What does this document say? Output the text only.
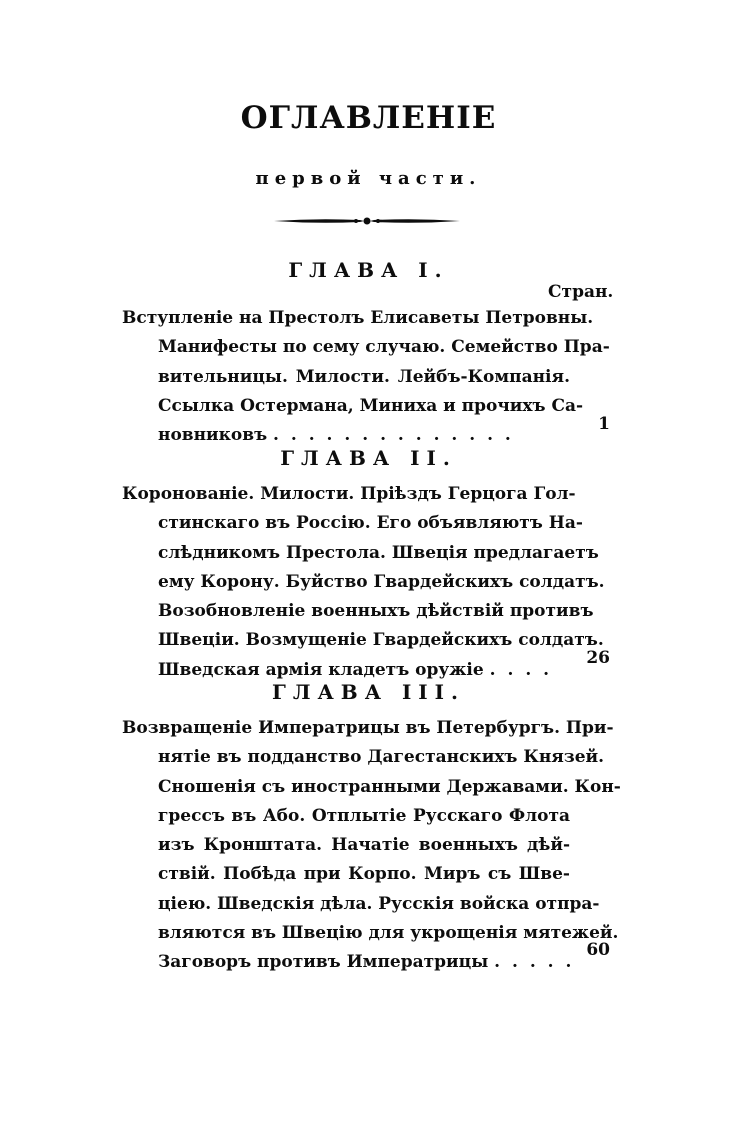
ОГЛАВЛЕНIЕ
первой части.
ГЛАВА I.
Стран.
Вступленіе на Престолъ Елисаветы Петровны.
Манифесты по сему случаю. Семейство Пра-
вительницы. Милости. Лейбъ-Компанія.
Ссылка Остермана, Миниха и прочихъ Са-
новниковъ . . . . . . . . . . . . . .
1
ГЛАВА II.
Коронованіе. Милости. Пріѣздъ Герцога Гол-
стинскаго въ Россію. Его объявляютъ На-
слѣдникомъ Престола. Швеція предлагаетъ
ему Корону. Буйство Гвардейскихъ солдатъ.
Возобновленіе военныхъ дѣйствій противъ
Швеціи. Возмущеніе Гвардейскихъ солдатъ.
Шведская армія кладетъ оружіе . . . .
26
ГЛАВА III.
Возвращеніе Императрицы въ Петербургъ. При-
нятіе въ подданство Дагестанскихъ Князей.
Сношенія съ иностранными Державами. Кон-
грессъ въ Або. Отплытіе Русскаго Флота
изъ Кронштата. Начатіе военныхъ дѣй-
ствій. Побѣда при Корпо. Миръ съ Шве-
ціею. Шведскія дѣла. Русскія войска отпра-
вляются въ Швецію для укрощенія мятежей.
Заговоръ противъ Императрицы . . . . .
60
